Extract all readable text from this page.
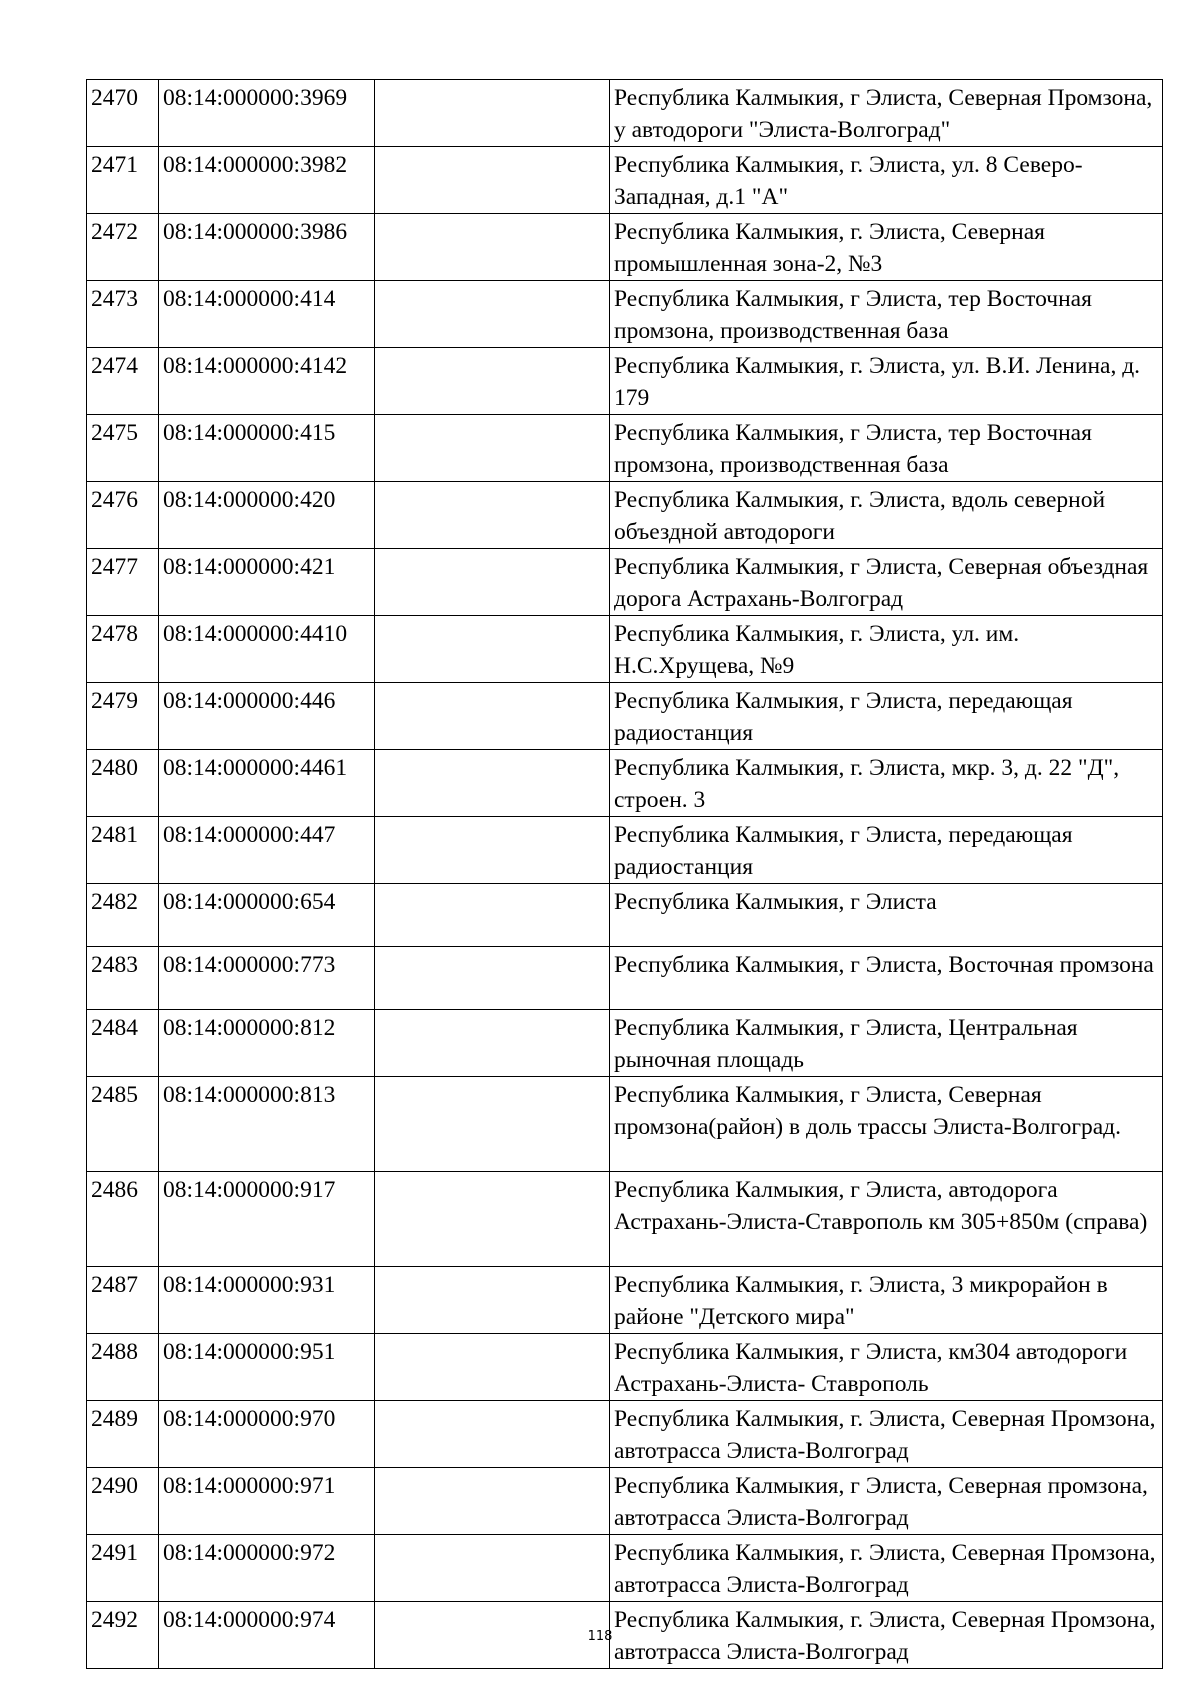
2470	08:14:000000:3969		Республика Калмыкия, г Элиста, Северная Промзона, у автодороги "Элиста-Волгоград"
2471	08:14:000000:3982		Республика Калмыкия, г. Элиста, ул. 8 Северо-Западная, д.1 "А"
2472	08:14:000000:3986		Республика Калмыкия, г. Элиста, Северная промышленная зона-2, №3
2473	08:14:000000:414		Республика Калмыкия, г Элиста, тер Восточная промзона, производственная база
2474	08:14:000000:4142		Республика Калмыкия, г. Элиста, ул. В.И. Ленина, д. 179
2475	08:14:000000:415		Республика Калмыкия, г Элиста, тер Восточная промзона, производственная база
2476	08:14:000000:420		Республика Калмыкия, г. Элиста, вдоль северной объездной автодороги
2477	08:14:000000:421		Республика Калмыкия, г Элиста, Северная объездная дорога Астрахань-Волгоград
2478	08:14:000000:4410		Республика Калмыкия, г. Элиста, ул. им. Н.С.Хрущева, №9
2479	08:14:000000:446		Республика Калмыкия, г Элиста, передающая радиостанция
2480	08:14:000000:4461		Республика Калмыкия, г. Элиста, мкр. 3, д. 22 "Д", строен. 3
2481	08:14:000000:447		Республика Калмыкия, г Элиста, передающая радиостанция
2482	08:14:000000:654		Республика Калмыкия, г Элиста
2483	08:14:000000:773		Республика Калмыкия, г Элиста, Восточная промзона
2484	08:14:000000:812		Республика Калмыкия, г Элиста, Центральная рыночная площадь
2485	08:14:000000:813		Республика Калмыкия, г Элиста, Северная промзона(район) в доль трассы Элиста-Волгоград.
2486	08:14:000000:917		Республика Калмыкия, г Элиста, автодорога Астрахань-Элиста-Ставрополь км 305+850м (справа)
2487	08:14:000000:931		Республика Калмыкия, г. Элиста, 3 микрорайон в районе "Детского мира"
2488	08:14:000000:951		Республика Калмыкия, г Элиста, км304 автодороги Астрахань-Элиста- Ставрополь
2489	08:14:000000:970		Республика Калмыкия, г. Элиста, Северная Промзона, автотрасса Элиста-Волгоград
2490	08:14:000000:971		Республика Калмыкия, г Элиста, Северная промзона, автотрасса Элиста-Волгоград
2491	08:14:000000:972		Республика Калмыкия, г. Элиста, Северная Промзона, автотрасса Элиста-Волгоград
2492	08:14:000000:974		Республика Калмыкия, г. Элиста, Северная Промзона, автотрасса Элиста-Волгоград
118
